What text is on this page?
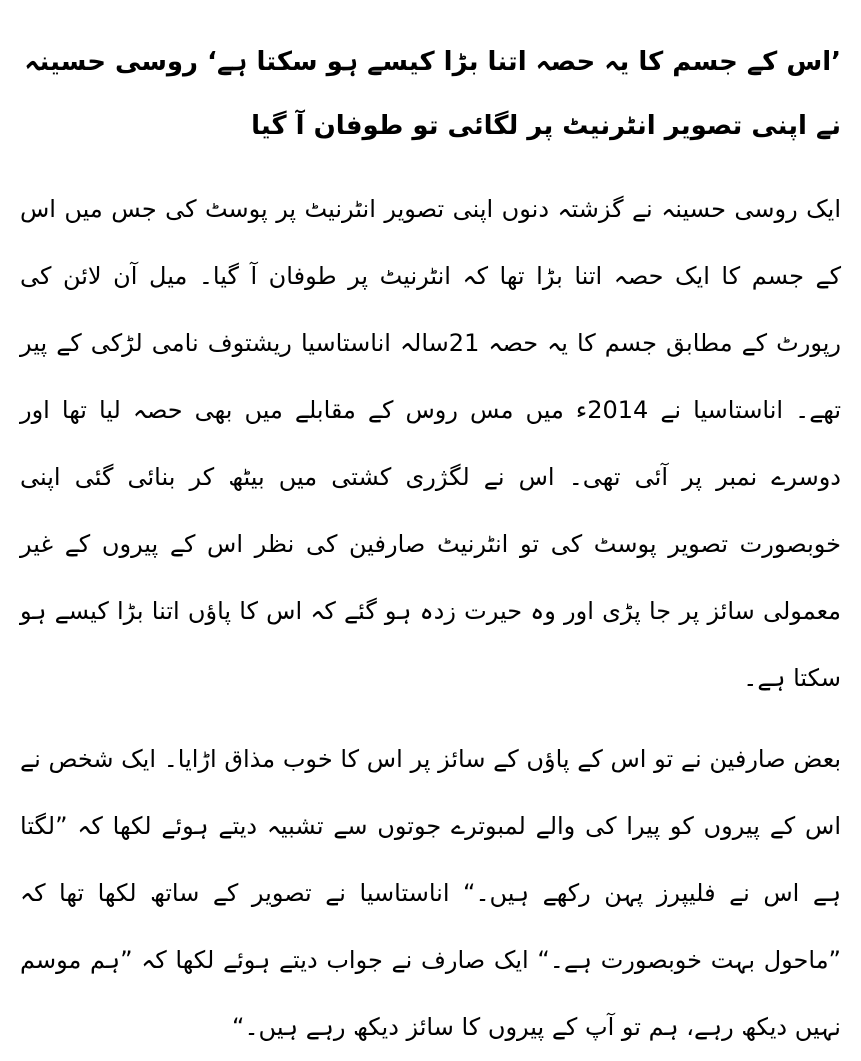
’اس کے جسم کا یہ حصہ اتنا بڑا کیسے ہو سکتا ہے‘ روسی حسینہ نے اپنی تصویر انٹرنیٹ پر لگائی تو طوفان آ گیا

ایک روسی حسینہ نے گزشتہ دنوں اپنی تصویر انٹرنیٹ پر پوسٹ کی جس میں اس کے جسم کا ایک حصہ اتنا بڑا تھا کہ انٹرنیٹ پر طوفان آ گیا۔ میل آن لائن کی رپورٹ کے مطابق جسم کا یہ حصہ 21سالہ اناستاسیا ریشتوف نامی لڑکی کے پیر تھے۔ اناستاسیا نے 2014ء میں مس روس کے مقابلے میں بھی حصہ لیا تھا اور دوسرے نمبر پر آئی تھی۔ اس نے لگژری کشتی میں بیٹھ کر بنائی گئی اپنی خوبصورت تصویر پوسٹ کی تو انٹرنیٹ صارفین کی نظر اس کے پیروں کے غیر معمولی سائز پر جا پڑی اور وہ حیرت زدہ ہو گئے کہ اس کا پاؤں اتنا بڑا کیسے ہو سکتا ہے۔

بعض صارفین نے تو اس کے پاؤں کے سائز پر اس کا خوب مذاق اڑایا۔ ایک شخص نے اس کے پیروں کو پیرا کی والے لمبوترے جوتوں سے تشبیہ دیتے ہوئے لکھا کہ ”لگتا ہے اس نے فلیپرز پہن رکھے ہیں۔“ اناستاسیا نے تصویر کے ساتھ لکھا تھا کہ ”ماحول بہت خوبصورت ہے۔“ ایک صارف نے جواب دیتے ہوئے لکھا کہ ”ہم موسم نہیں دیکھ رہے، ہم تو آپ کے پیروں کا سائز دیکھ رہے ہیں۔“
